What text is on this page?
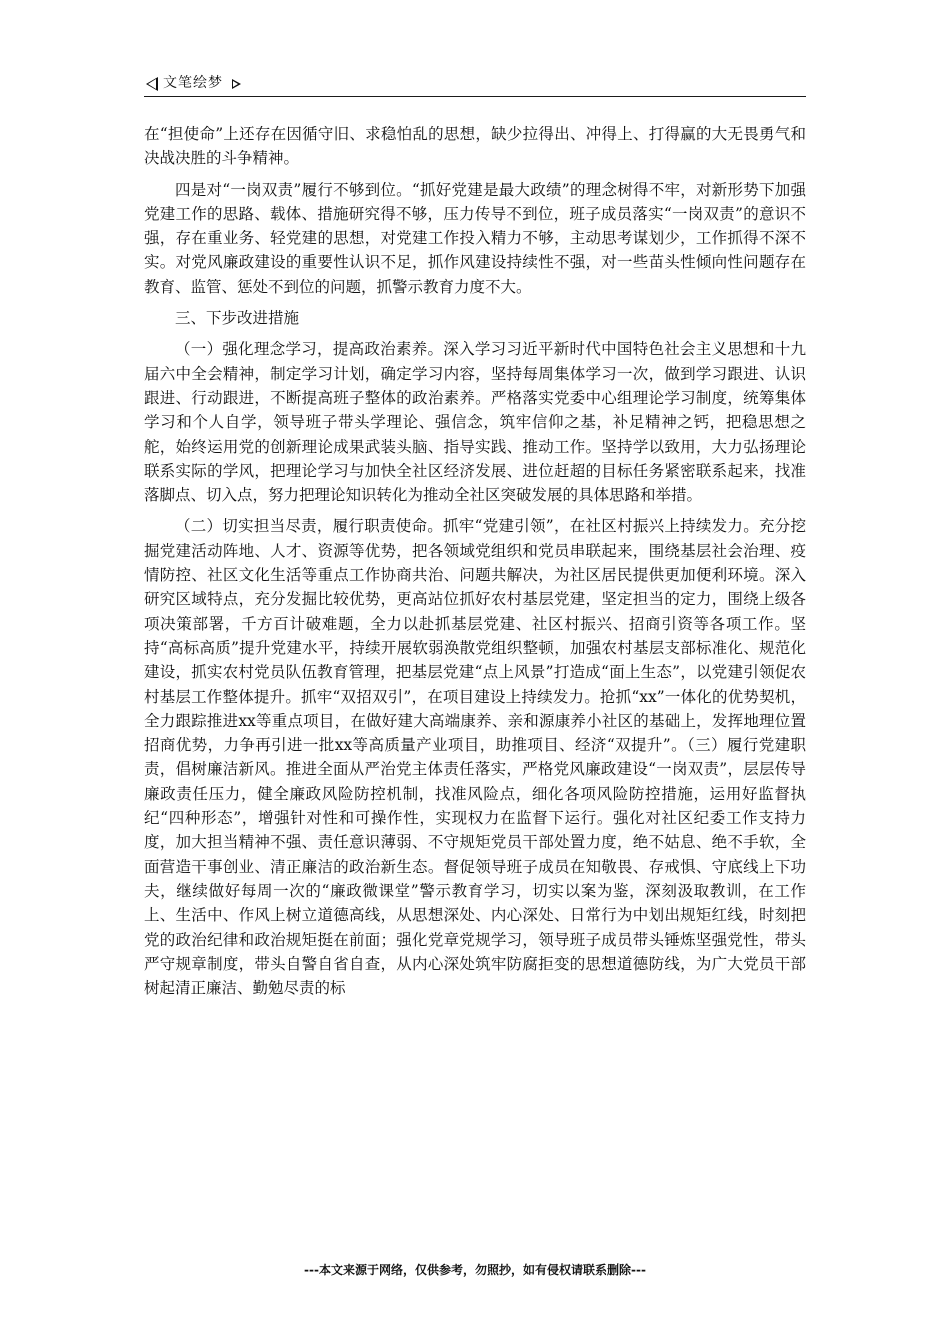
文笔绘梦

在“担使命”上还存在因循守旧、求稳怕乱的思想，缺少拉得出、冲得上、打得赢的大无畏勇气和决战决胜的斗争精神。

四是对“一岗双责”履行不够到位。“抓好党建是最大政绩”的理念树得不牢，对新形势下加强党建工作的思路、载体、措施研究得不够，压力传导不到位，班子成员落实“一岗双责”的意识不强，存在重业务、轻党建的思想，对党建工作投入精力不够，主动思考谋划少，工作抓得不深不实。对党风廉政建设的重要性认识不足，抓作风建设持续性不强，对一些苗头性倾向性问题存在教育、监管、惩处不到位的问题，抓警示教育力度不大。

三、下步改进措施

（一）强化理念学习，提高政治素养。深入学习习近平新时代中国特色社会主义思想和十九届六中全会精神，制定学习计划，确定学习内容，坚持每周集体学习一次，做到学习跟进、认识跟进、行动跟进，不断提高班子整体的政治素养。严格落实党委中心组理论学习制度，统筹集体学习和个人自学，领导班子带头学理论、强信念，筑牢信仰之基，补足精神之钙，把稳思想之舵，始终运用党的创新理论成果武装头脑、指导实践、推动工作。坚持学以致用，大力弘扬理论联系实际的学风，把理论学习与加快全社区经济发展、进位赶超的目标任务紧密联系起来，找准落脚点、切入点，努力把理论知识转化为推动全社区突破发展的具体思路和举措。

（二）切实担当尽责，履行职责使命。抓牢“党建引领”，在社区村振兴上持续发力。充分挖掘党建活动阵地、人才、资源等优势，把各领域党组织和党员串联起来，围绕基层社会治理、疫情防控、社区文化生活等重点工作协商共治、问题共解决，为社区居民提供更加便利环境。深入研究区域特点，充分发掘比较优势，更高站位抓好农村基层党建，坚定担当的定力，围绕上级各项决策部署，千方百计破难题，全力以赴抓基层党建、社区村振兴、招商引资等各项工作。坚持“高标高质”提升党建水平，持续开展软弱涣散党组织整顿，加强农村基层支部标准化、规范化建设，抓实农村党员队伍教育管理，把基层党建“点上风景”打造成“面上生态”，以党建引领促农村基层工作整体提升。抓牢“双招双引”，在项目建设上持续发力。抢抓“xx”一体化的优势契机，全力跟踪推进xx等重点项目，在做好建大高端康养、亲和源康养小社区的基础上，发挥地理位置招商优势，力争再引进一批xx等高质量产业项目，助推项目、经济“双提升”。（三）履行党建职责，倡树廉洁新风。推进全面从严治党主体责任落实，严格党风廉政建设“一岗双责”，层层传导廉政责任压力，健全廉政风险防控机制，找准风险点，细化各项风险防控措施，运用好监督执纪“四种形态”，增强针对性和可操作性，实现权力在监督下运行。强化对社区纪委工作支持力度，加大担当精神不强、责任意识薄弱、不守规矩党员干部处置力度，绝不姑息、绝不手软，全面营造干事创业、清正廉洁的政治新生态。督促领导班子成员在知敬畏、存戒惧、守底线上下功夫，继续做好每周一次的“廉政微课堂”警示教育学习，切实以案为鉴，深刻汲取教训，在工作上、生活中、作风上树立道德高线，从思想深处、内心深处、日常行为中划出规矩红线，时刻把党的政治纪律和政治规矩挺在前面；强化党章党规学习，领导班子成员带头锤炼坚强党性，带头严守规章制度，带头自警自省自查，从内心深处筑牢防腐拒变的思想道德防线，为广大党员干部树起清正廉洁、勤勉尽责的标

---本文来源于网络，仅供参考，勿照抄，如有侵权请联系删除---
